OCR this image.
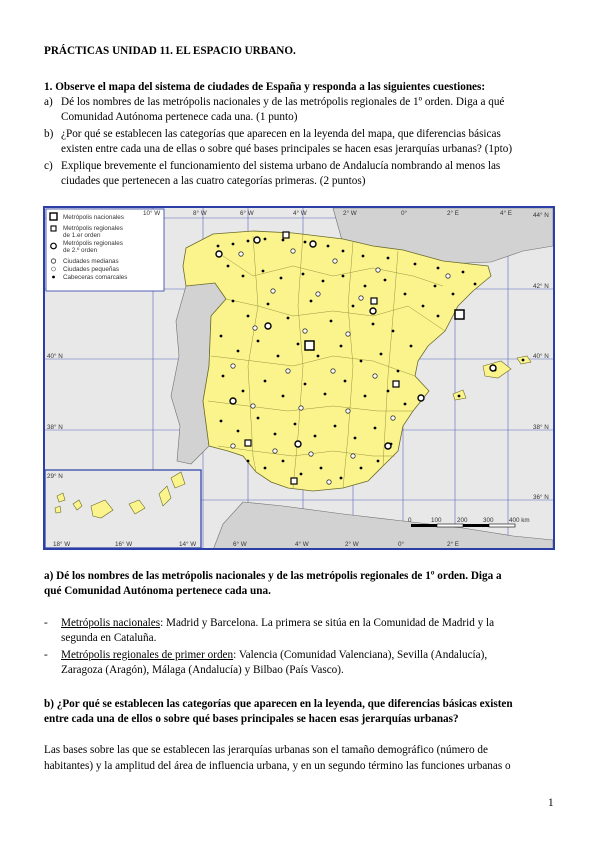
PRÁCTICAS UNIDAD 11. EL ESPACIO URBANO.

1. Observe el mapa del sistema de ciudades de España y responda a las siguientes cuestiones:

a) Dé los nombres de las metrópolis nacionales y de las metrópolis regionales de 1º orden. Diga a qué
Comunidad Autónoma pertenece cada una. (1 punto)
b) ¿Por qué se establecen las categorías que aparecen en la leyenda del mapa, que diferencias básicas
existen entre cada una de ellas o sobre qué bases principales se hacen esas jerarquías urbanas? (1pto)
c) Explique brevemente el funcionamiento del sistema urbano de Andalucía nombrando al menos las
ciudades que pertenecen a las cuatro categorías primeras. (2 puntos)
Metrópolis nacionales
Metrópolis regionales
de 1.er orden
Metrópolis regionales
de 2.º orden
Ciudades medianas
Ciudades pequeñas
Cabeceras comarcales
10° W	8° W	6° W	4° W	2° W	0°	2° E	4° E	44° N
42° N
40° N
38° N
36° N
40° N
38° N
29° N
18° W	16° W	14° W	6° W	4° W	2° W	0°	2° E
0	100 200 300 400 km

a) Dé los nombres de las metrópolis nacionales y de las metrópolis regionales de 1º orden. Diga a

qué Comunidad Autónoma pertenece cada una.

- Metrópolis nacionales: Madrid y Barcelona. La primera se sitúa en la Comunidad de Madrid y la
segunda en Cataluña.
- Metrópolis regionales de primer orden: Valencia (Comunidad Valenciana), Sevilla (Andalucía),
Zaragoza (Aragón), Málaga (Andalucía) y Bilbao (País Vasco).

b) ¿Por qué se establecen las categorías que aparecen en la leyenda, que diferencias básicas existen

entre cada una de ellos o sobre qué bases principales se hacen esas jerarquías urbanas?

Las bases sobre las que se establecen las jerarquías urbanas son el tamaño demográfico (número de

habitantes) y la amplitud del área de influencia urbana, y en un segundo término las funciones urbanas o

1
